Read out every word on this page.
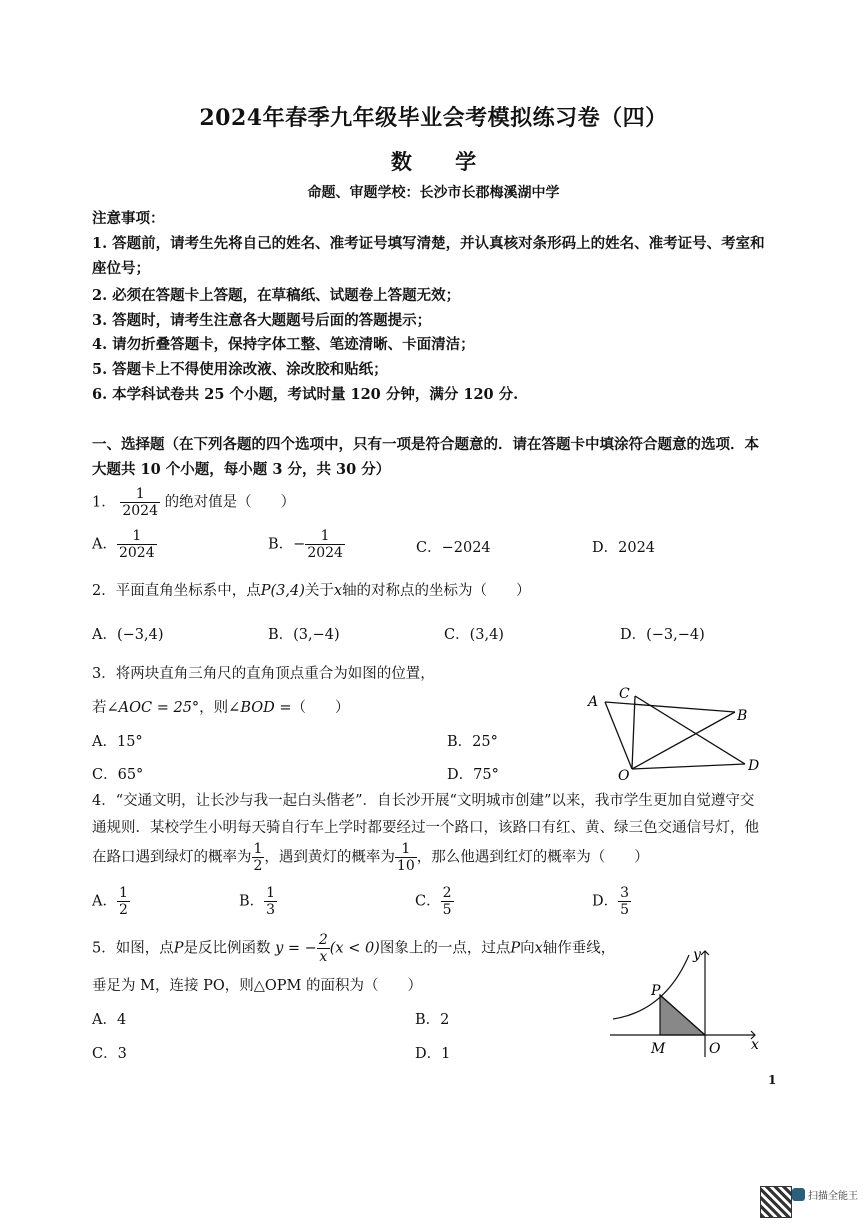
2024年春季九年级毕业会考模拟练习卷（四）
数 学
命题、审题学校：长沙市长郡梅溪湖中学
注意事项：
1. 答题前，请考生先将自己的姓名、准考证号填写清楚，并认真核对条形码上的姓名、准考证号、考室和
座位号；
2. 必须在答题卡上答题，在草稿纸、试题卷上答题无效；
3. 答题时，请考生注意各大题题号后面的答题提示；
4. 请勿折叠答题卡，保持字体工整、笔迹清晰、卡面清洁；
5. 答题卡上不得使用涂改液、涂改胶和贴纸；
6. 本学科试卷共 25 个小题，考试时量 120 分钟，满分 120 分.
一、选择题（在下列各题的四个选项中，只有一项是符合题意的．请在答题卡中填涂符合题意的选项．本
大题共 10 个小题，每小题 3 分，共 30 分）
1． $\frac{1}{2024}$ 的绝对值是（　　）
A． $\frac{1}{2024}$	B．− $\frac{1}{2024}$	C．−2024	D．2024
2．平面直角坐标系中，点P(3,4)关于x轴的对称点的坐标为（　　）
A．(−3,4)	B．(3,−4)	C．(3,4)	D．(−3,−4)
3．将两块直角三角尺的直角顶点重合为如图的位置，
若∠AOC = 25°，则∠BOD =（　　）
A．15°	B．25°
C．65°	D．75°
A C
B
D
O
4．“交通文明，让长沙与我一起白头偕老”．自长沙开展“文明城市创建”以来，我市学生更加自觉遵守交
通规则．某校学生小明每天骑自行车上学时都要经过一个路口，该路口有红、黄、绿三色交通信号灯，他
在路口遇到绿灯的概率为 $\frac{1}{2}$ ，遇到黄灯的概率为 $\frac{1}{10}$ ，那么他遇到红灯的概率为（　　）
A． $\frac{1}{2}$	B． $\frac{1}{3}$	C． $\frac{2}{5}$	D． $\frac{3}{5}$
5．如图，点P是反比例函数 y = − $\frac{2}{x} (x < 0)$图象上的一点，过点P向x轴作垂线，
垂足为 M，连接 PO，则△OPM 的面积为（　　）
A．4	B．2
C．3	D．1
P
M	O x
y
1
扫描全能王
